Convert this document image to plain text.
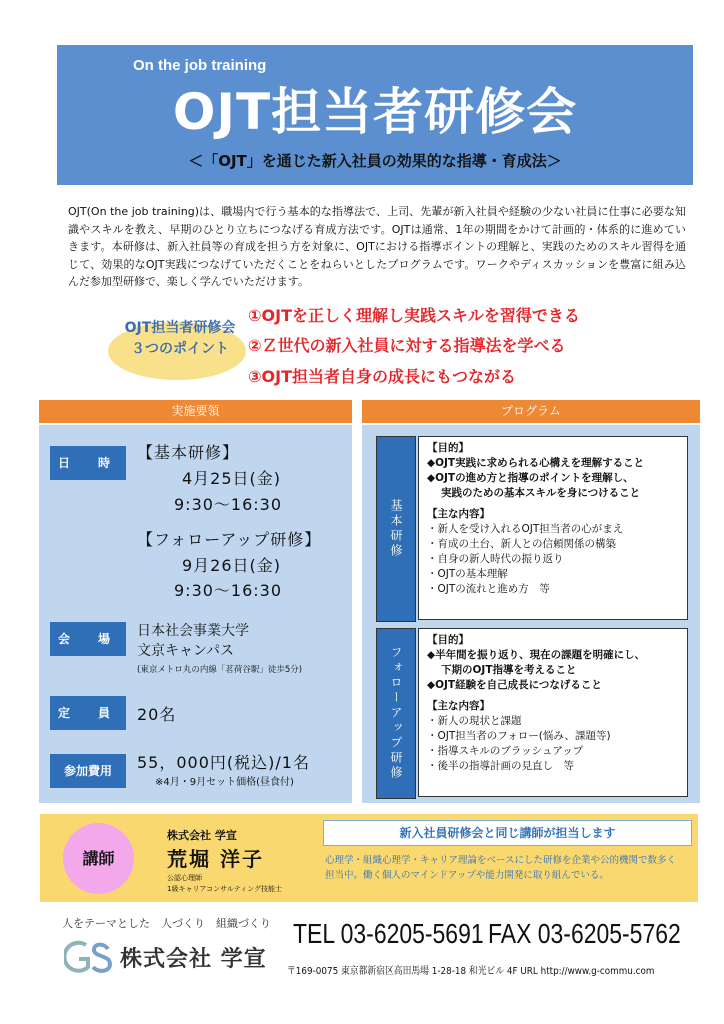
On the job training
OJT担当者研修会
＜「OJT」を通じた新入社員の効果的な指導・育成法＞
OJT(On the job training)は、職場内で行う基本的な指導法で、上司、先輩が新入社員や経験の少ない社員に仕事に必要な知識やスキルを教え、早期のひとり立ちにつなげる育成方法です。OJTは通常、1年の期間をかけて計画的・体系的に進めていきます。本研修は、新入社員等の育成を担う方を対象に、OJTにおける指導ポイントの理解と、実践のためのスキル習得を通じて、効果的なOJT実践につなげていただくことをねらいとしたプログラムです。ワークやディスカッションを豊富に組み込んだ参加型研修で、楽しく学んでいただけます。
OJT担当者研修会
３つのポイント
①OJTを正しく理解し実践スキルを習得できる
②Ｚ世代の新入社員に対する指導法を学べる
③OJT担当者自身の成長にもつながる
実施要領	プログラム
日　時
【基本研修】
4月25日(金)
9:30～16:30
【フォローアップ研修】
9月26日(金)
9:30～16:30
会　場	日本社会事業大学
文京キャンパス
(東京メトロ丸の内線「茗荷谷駅」徒歩5分)
定　員	20名
参加費用	55，000円(税込)/1名
※4月・9月セット価格(昼食付)
基本研修
【目的】
◆OJT実践に求められる心構えを理解すること
◆OJTの進め方と指導のポイントを理解し、
実践のための基本スキルを身につけること
【主な内容】
・新人を受け入れるOJT担当者の心がまえ
・育成の土台、新人との信頼関係の構築
・自身の新人時代の振り返り
・OJTの基本理解
・OJTの流れと進め方　等
フォローアップ研修
【目的】
◆半年間を振り返り、現在の課題を明確にし、
下期のOJT指導を考えること
◆OJT経験を自己成長につなげること
【主な内容】
・新人の現状と課題
・OJT担当者のフォロー(悩み、課題等)
・指導スキルのブラッシュアップ
・後半の指導計画の見直し　等
講師
株式会社 学宣
荒堀 洋子
公認心理師
1級キャリアコンサルティング技能士
新入社員研修会と同じ講師が担当します
心理学・組織心理学・キャリア理論をベースにした研修を企業や公的機関で数多く担当中。働く個人のマインドアップや能力開発に取り組んでいる。
人をテーマとした　人づくり　組織づくり
株式会社 学宣
TEL 03-6205-5691 FAX 03-6205-5762
〒169-0075 東京都新宿区高田馬場 1-28-18 和光ビル 4F URL http://www.g-commu.com
